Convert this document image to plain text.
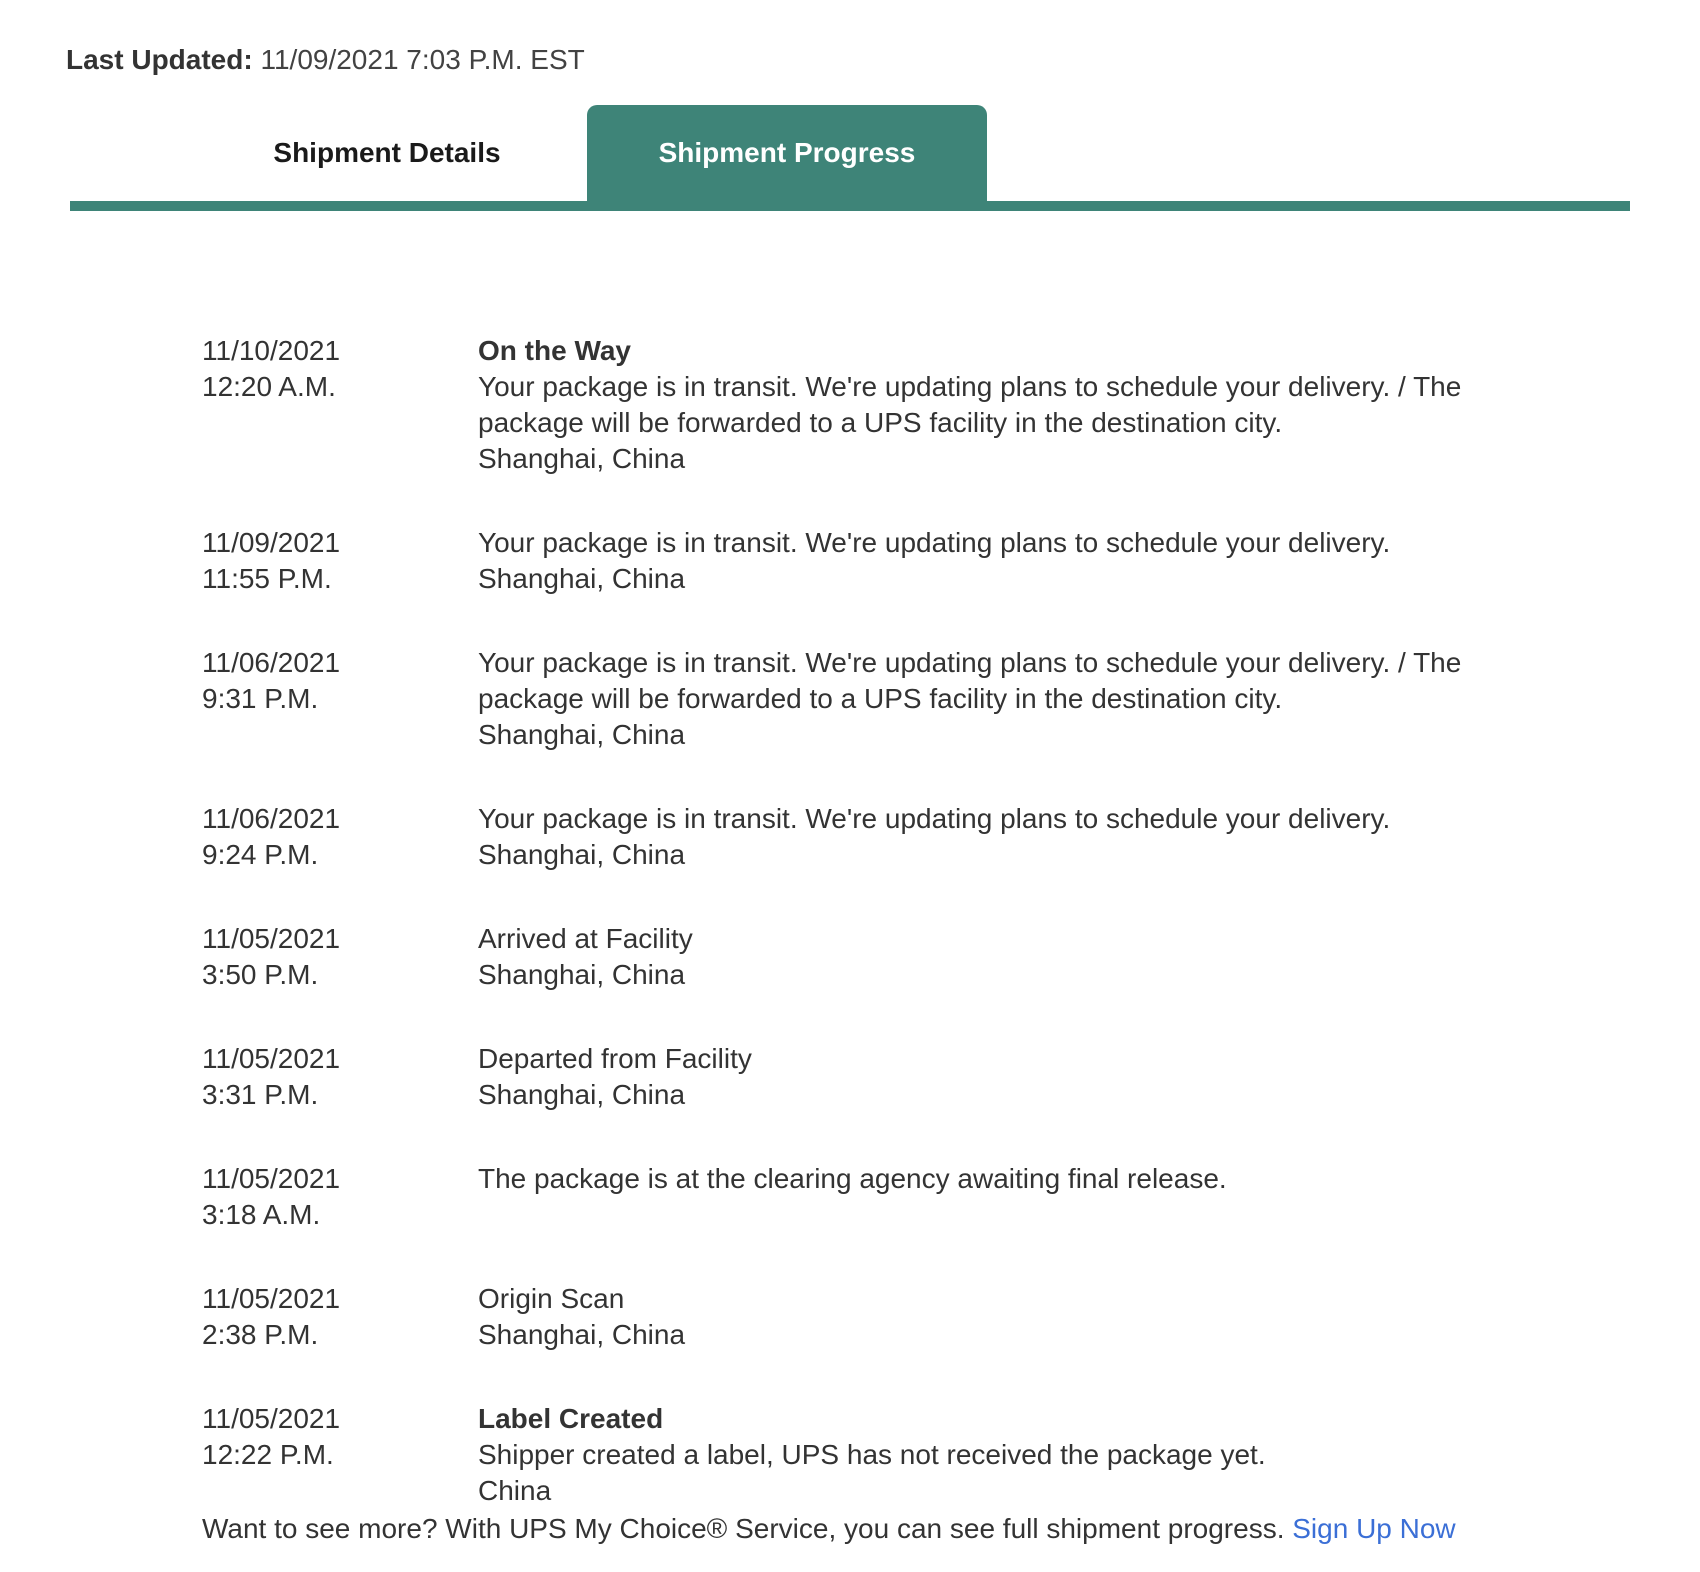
Last Updated: 11/09/2021 7:03 P.M. EST
Shipment Details	Shipment Progress
11/10/2021
12:20 A.M.
On the Way
Your package is in transit. We're updating plans to schedule your delivery. / The package will be forwarded to a UPS facility in the destination city.
Shanghai, China
11/09/2021
11:55 P.M.
Your package is in transit. We're updating plans to schedule your delivery.
Shanghai, China
11/06/2021
9:31 P.M.
Your package is in transit. We're updating plans to schedule your delivery. / The package will be forwarded to a UPS facility in the destination city.
Shanghai, China
11/06/2021
9:24 P.M.
Your package is in transit. We're updating plans to schedule your delivery.
Shanghai, China
11/05/2021
3:50 P.M.
Arrived at Facility
Shanghai, China
11/05/2021
3:31 P.M.
Departed from Facility
Shanghai, China
11/05/2021
3:18 A.M.
The package is at the clearing agency awaiting final release.
11/05/2021
2:38 P.M.
Origin Scan
Shanghai, China
11/05/2021
12:22 P.M.
Label Created
Shipper created a label, UPS has not received the package yet.
China
Want to see more? With UPS My Choice® Service, you can see full shipment progress. Sign Up Now
